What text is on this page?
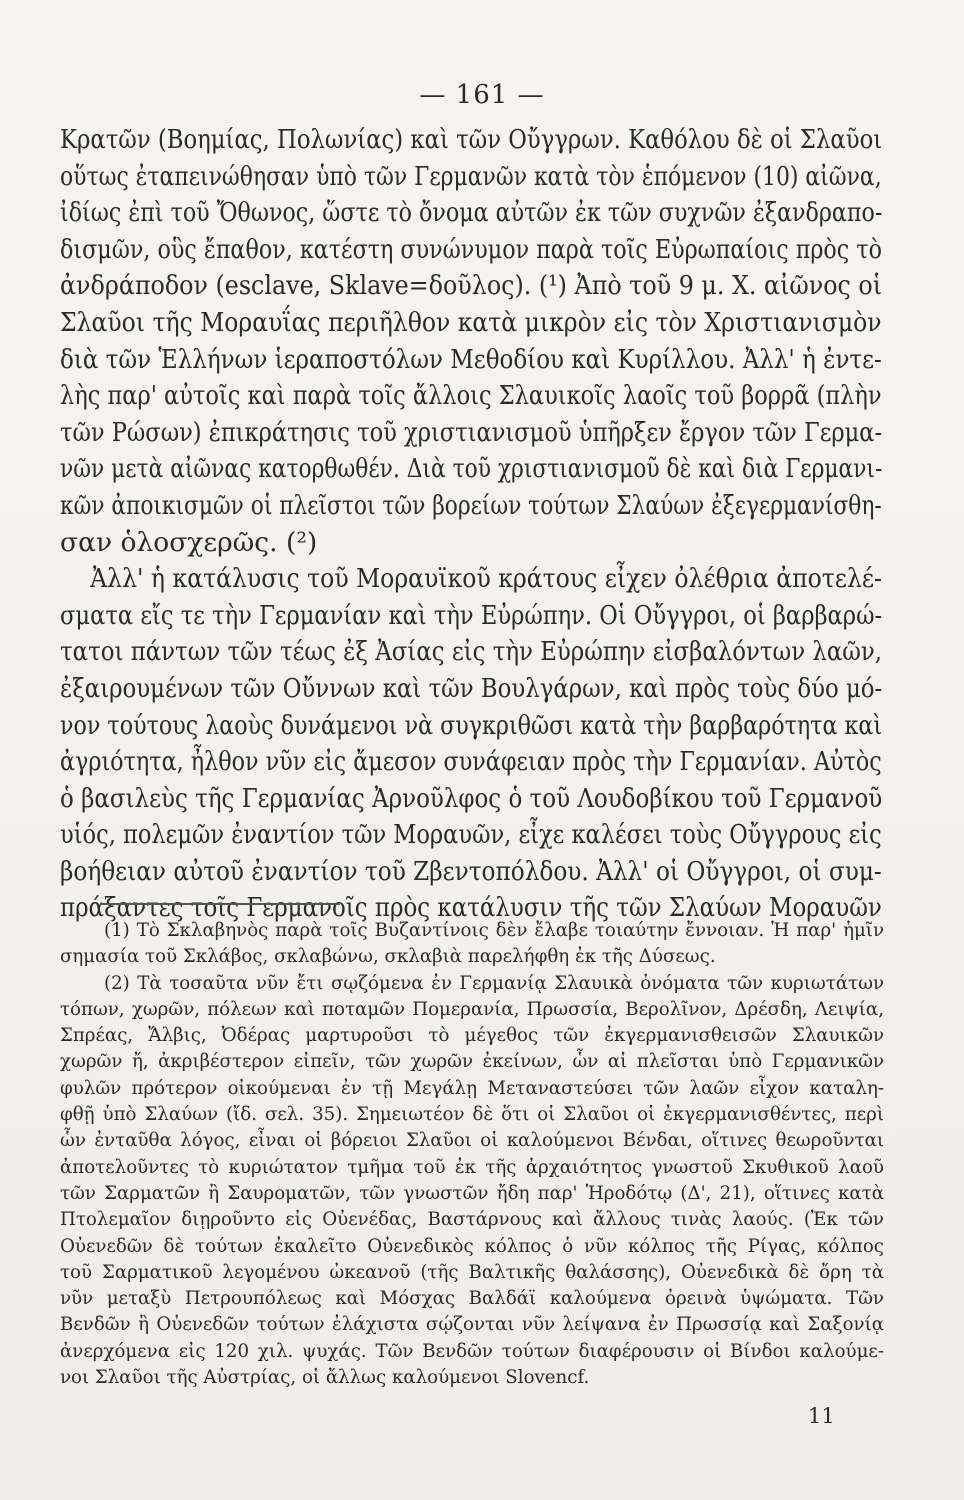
— 161 —
Κρατῶν (Βοημίας, Πολωνίας) καὶ τῶν Οὔγγρων. Καθόλου δὲ οἱ Σλαῦοι
οὕτως ἐταπεινώθησαν ὑπὸ τῶν Γερμανῶν κατὰ τὸν ἑπόμενον (10) αἰῶνα,
ἰδίως ἐπὶ τοῦ Ὄθωνος, ὥστε τὸ ὄνομα αὐτῶν ἐκ τῶν συχνῶν ἐξανδραπο-
δισμῶν, οὓς ἔπαθον, κατέστη συνώνυμον παρὰ τοῖς Εὐρωπαίοις πρὸς τὸ
ἀνδράποδον (esclave, Sklave=δοῦλος). (¹) Ἀπὸ τοῦ 9 μ. Χ. αἰῶνος οἱ
Σλαῦοι τῆς Μοραυΐας περιῆλθον κατὰ μικρὸν εἰς τὸν Χριστιανισμὸν
διὰ τῶν Ἑλλήνων ἱεραποστόλων Μεθοδίου καὶ Κυρίλλου. Ἀλλ' ἡ ἐντε-
λὴς παρ' αὐτοῖς καὶ παρὰ τοῖς ἄλλοις Σλαυικοῖς λαοῖς τοῦ βορρᾶ (πλὴν
τῶν Ρώσων) ἐπικράτησις τοῦ χριστιανισμοῦ ὑπῆρξεν ἔργον τῶν Γερμα-
νῶν μετὰ αἰῶνας κατορθωθέν. Διὰ τοῦ χριστιανισμοῦ δὲ καὶ διὰ Γερμανι-
κῶν ἀποικισμῶν οἱ πλεῖστοι τῶν βορείων τούτων Σλαύων ἐξεγερμανίσθη-
σαν ὁλοσχερῶς. (²)
Ἀλλ' ἡ κατάλυσις τοῦ Μοραυϊκοῦ κράτους εἶχεν ὀλέθρια ἀποτελέ-
σματα εἴς τε τὴν Γερμανίαν καὶ τὴν Εὐρώπην. Οἱ Οὔγγροι, οἱ βαρβαρώ-
τατοι πάντων τῶν τέως ἐξ Ἀσίας εἰς τὴν Εὐρώπην εἰσβαλόντων λαῶν,
ἐξαιρουμένων τῶν Οὔννων καὶ τῶν Βουλγάρων, καὶ πρὸς τοὺς δύο μό-
νον τούτους λαοὺς δυνάμενοι νὰ συγκριθῶσι κατὰ τὴν βαρβαρότητα καὶ
ἀγριότητα, ἦλθον νῦν εἰς ἄμεσον συνάφειαν πρὸς τὴν Γερμανίαν. Αὐτὸς
ὁ βασιλεὺς τῆς Γερμανίας Ἀρνοῦλφος ὁ τοῦ Λουδοβίκου τοῦ Γερμανοῦ
υἱός, πολεμῶν ἐναντίον τῶν Μοραυῶν, εἶχε καλέσει τοὺς Οὔγγρους εἰς
βοήθειαν αὐτοῦ ἐναντίον τοῦ Ζβεντοπόλδου. Ἀλλ' οἱ Οὔγγροι, οἱ συμ-
πράξαντες τοῖς Γερμανοῖς πρὸς κατάλυσιν τῆς τῶν Σλαύων Μοραυῶν
(1) Τὸ Σκλαβηνὸς παρὰ τοῖς Βυζαντίνοις δὲν ἔλαβε τοιαύτην ἔννοιαν. Ἡ παρ' ἡμῖν
σημασία τοῦ Σκλάβος, σκλαβώνω, σκλαβιὰ παρελήφθη ἐκ τῆς Δύσεως.
(2) Τὰ τοσαῦτα νῦν ἔτι σῳζόμενα ἐν Γερμανίᾳ Σλαυικὰ ὀνόματα τῶν κυριωτάτων
τόπων, χωρῶν, πόλεων καὶ ποταμῶν Πομερανία, Πρωσσία, Βερολῖνον, Δρέσδη, Λειψία,
Σπρέας, Ἄλβις, Ὀδέρας μαρτυροῦσι τὸ μέγεθος τῶν ἐκγερμανισθεισῶν Σλαυικῶν
χωρῶν ἤ, ἀκριβέστερον εἰπεῖν, τῶν χωρῶν ἐκείνων, ὧν αἱ πλεῖσται ὑπὸ Γερμανικῶν
φυλῶν πρότερον οἰκούμεναι ἐν τῇ Μεγάλῃ Μεταναστεύσει τῶν λαῶν εἶχον καταλη-
φθῇ ὑπὸ Σλαύων (ἴδ. σελ. 35). Σημειωτέον δὲ ὅτι οἱ Σλαῦοι οἱ ἐκγερμανισθέντες, περὶ
ὧν ἐνταῦθα λόγος, εἶναι οἱ βόρειοι Σλαῦοι οἱ καλούμενοι Βένδαι, οἵτινες θεωροῦνται
ἀποτελοῦντες τὸ κυριώτατον τμῆμα τοῦ ἐκ τῆς ἀρχαιότητος γνωστοῦ Σκυθικοῦ λαοῦ
τῶν Σαρματῶν ἢ Σαυροματῶν, τῶν γνωστῶν ἤδη παρ' Ἡροδότῳ (Δ', 21), οἵτινες κατὰ
Πτολεμαῖον διῃροῦντο εἰς Οὐενέδας, Βαστάρνους καὶ ἄλλους τινὰς λαούς. (Ἐκ τῶν
Οὐενεδῶν δὲ τούτων ἐκαλεῖτο Οὐενεδικὸς κόλπος ὁ νῦν κόλπος τῆς Ρίγας, κόλπος
τοῦ Σαρματικοῦ λεγομένου ὠκεανοῦ (τῆς Βαλτικῆς θαλάσσης), Οὐενεδικὰ δὲ ὄρη τὰ
νῦν μεταξὺ Πετρουπόλεως καὶ Μόσχας Βαλδάϊ καλούμενα ὀρεινὰ ὑψώματα. Τῶν
Βενδῶν ἢ Οὐενεδῶν τούτων ἐλάχιστα σῴζονται νῦν λείψανα ἐν Πρωσσίᾳ καὶ Σαξονίᾳ
ἀνερχόμενα εἰς 120 χιλ. ψυχάς. Τῶν Βενδῶν τούτων διαφέρουσιν οἱ Βίνδοι καλούμε-
νοι Σλαῦοι τῆς Αὐστρίας, οἱ ἄλλως καλούμενοι Slovencf.
11
